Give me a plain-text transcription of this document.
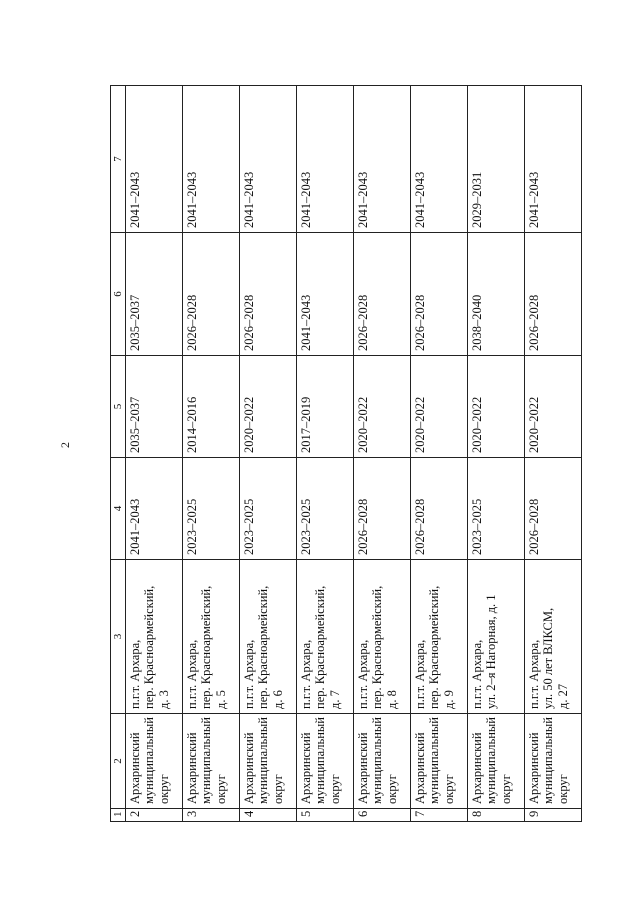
2
1	2	3	4	5	6	7
2	Архаринский
муниципальный
округ	п.г.т. Архара,
пер. Красноармейский,
д. 3	2041–2043	2035–2037	2035–2037	2041–2043
3	Архаринский
муниципальный
округ	п.г.т. Архара,
пер. Красноармейский,
д. 5	2023–2025	2014–2016	2026–2028	2041–2043
4	Архаринский
муниципальный
округ	п.г.т. Архара,
пер. Красноармейский,
д. 6	2023–2025	2020–2022	2026–2028	2041–2043
5	Архаринский
муниципальный
округ	п.г.т. Архара,
пер. Красноармейский,
д. 7	2023–2025	2017–2019	2041–2043	2041–2043
6	Архаринский
муниципальный
округ	п.г.т. Архара,
пер. Красноармейский,
д. 8	2026–2028	2020–2022	2026–2028	2041–2043
7	Архаринский
муниципальный
округ	п.г.т. Архара,
пер. Красноармейский,
д. 9	2026–2028	2020–2022	2026–2028	2041–2043
8	Архаринский
муниципальный
округ	п.г.т. Архара,
ул. 2–я Нагорная, д. 1	2023–2025	2020–2022	2038–2040	2029–2031
9	Архаринский
муниципальный
округ	п.г.т. Архара,
ул. 50 лет ВЛКСМ,
д. 27	2026–2028	2020–2022	2026–2028	2041–2043
